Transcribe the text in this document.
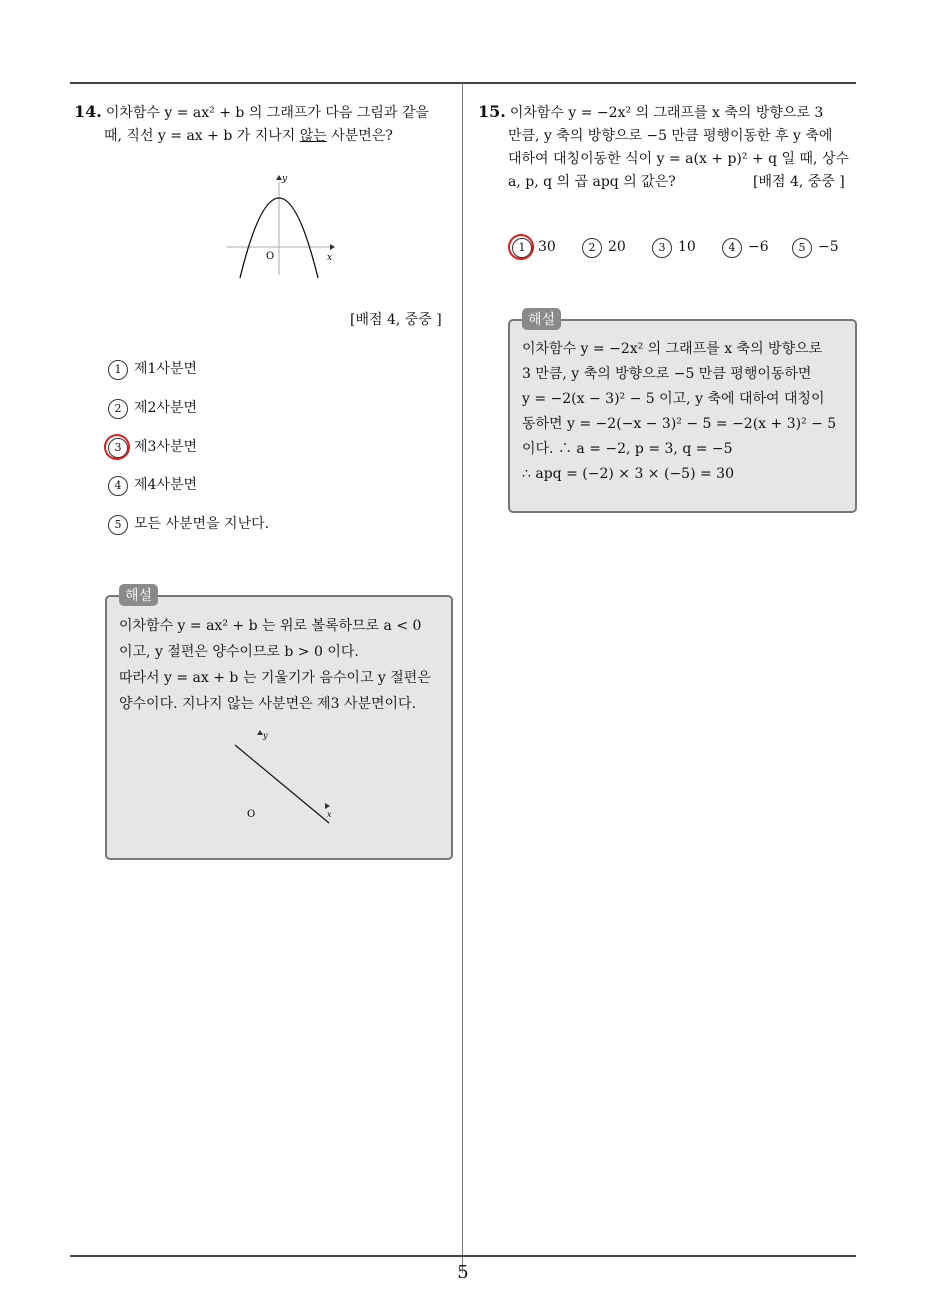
14. 이차함수 y = ax² + b 의 그래프가 다음 그림과 같을
때, 직선 y = ax + b 가 지나지 않는 사분면은?
y
x
O
[배점 4, 중중 ]
1 제1사분면
2 제2사분면
3 제3사분면
4 제4사분면
5 모든 사분면을 지난다.
해설
이차함수 y = ax² + b 는 위로 볼록하므로 a < 0
이고, y 절편은 양수이므로 b > 0 이다.
따라서 y = ax + b 는 기울기가 음수이고 y 절편은
양수이다. 지나지 않는 사분면은 제3 사분면이다.
y
x
O
15. 이차함수 y = −2x² 의 그래프를 x 축의 방향으로 3
만큼, y 축의 방향으로 −5 만큼 평행이동한 후 y 축에
대하여 대칭이동한 식이 y = a(x + p)² + q 일 때, 상수
a, p, q 의 곱 apq 의 값은?	[배점 4, 중중 ]
1 30	2 20	3 10	4 −6	5 −5
해설
이차함수 y = −2x² 의 그래프를 x 축의 방향으로
3 만큼, y 축의 방향으로 −5 만큼 평행이동하면
y = −2(x − 3)² − 5 이고, y 축에 대하여 대칭이
동하면 y = −2(−x − 3)² − 5 = −2(x + 3)² − 5
이다. ∴ a = −2, p = 3, q = −5
∴ apq = (−2) × 3 × (−5) = 30
5
